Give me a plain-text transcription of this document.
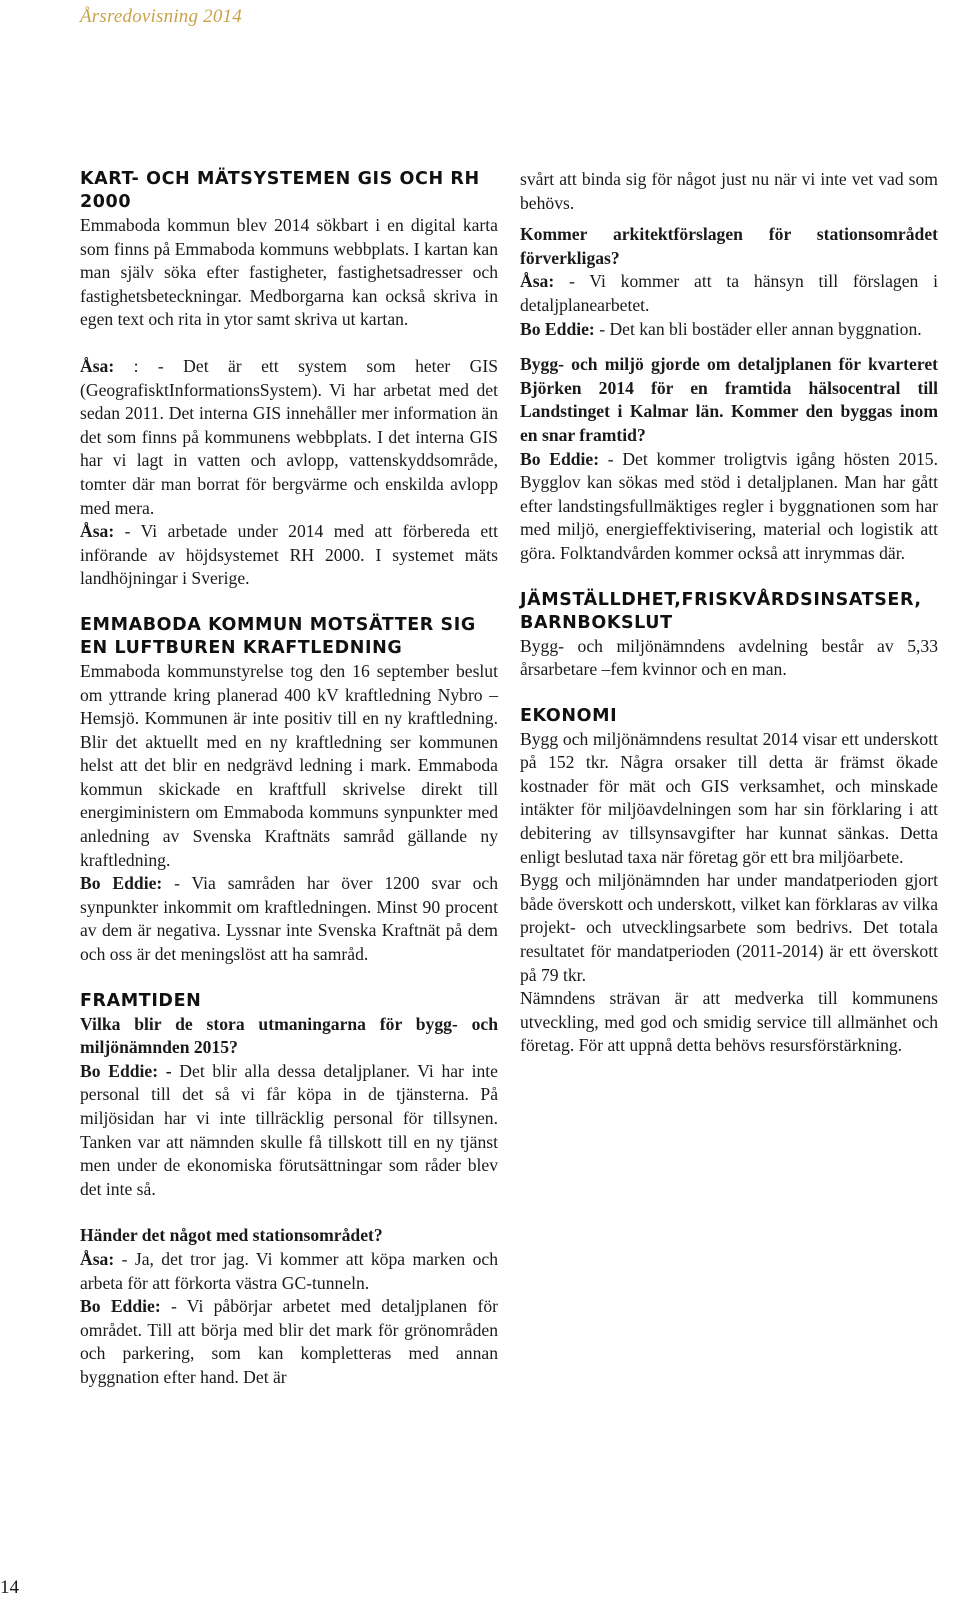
Årsredovisning 2014
KART- OCH MÄTSYSTEMEN GIS OCH RH 2000

Emmaboda kommun blev 2014 sökbart i en digital karta som finns på Emmaboda kommuns webbplats. I kartan kan man själv söka efter fastigheter, fastighetsadresser och fastighetsbeteckningar. Medborgarna kan också skriva in egen text och rita in ytor samt skriva ut kartan.

Åsa: : - Det är ett system som heter GIS (GeografisktInformationsSystem). Vi har arbetat med det sedan 2011. Det interna GIS innehåller mer information än det som finns på kommunens webbplats. I det interna GIS har vi lagt in vatten och avlopp, vattenskyddsområde, tomter där man borrat för bergvärme och enskilda avlopp med mera.

Åsa: - Vi arbetade under 2014 med att förbereda ett införande av höjdsystemet RH 2000. I systemet mäts landhöjningar i Sverige.

EMMABODA KOMMUN MOTSÄTTER SIG EN LUFTBUREN KRAFTLEDNING

Emmaboda kommunstyrelse tog den 16 september beslut om yttrande kring planerad 400 kV kraftledning Nybro – Hemsjö. Kommunen är inte positiv till en ny kraftledning. Blir det aktuellt med en ny kraftledning ser kommunen helst att det blir en nedgrävd ledning i mark. Emmaboda kommun skickade en kraftfull skrivelse direkt till energiministern om Emmaboda kommuns synpunkter med anledning av Svenska Kraftnäts samråd gällande ny kraftledning.

Bo Eddie: - Via samråden har över 1200 svar och synpunkter inkommit om kraftledningen. Minst 90 procent av dem är negativa. Lyssnar inte Svenska Kraftnät på dem och oss är det meningslöst att ha samråd.

FRAMTIDEN

Vilka blir de stora utmaningarna för bygg- och miljönämnden 2015?

Bo Eddie: - Det blir alla dessa detaljplaner. Vi har inte personal till det så vi får köpa in de tjänsterna. På miljösidan har vi inte tillräcklig personal för tillsynen. Tanken var att nämnden skulle få tillskott till en ny tjänst men under de ekonomiska förutsättningar som råder blev det inte så.

Händer det något med stationsområdet?

Åsa: - Ja, det tror jag. Vi kommer att köpa marken och arbeta för att förkorta västra GC-tunneln.

Bo Eddie: - Vi påbörjar arbetet med detaljplanen för området. Till att börja med blir det mark för grönområden och parkering, som kan kompletteras med annan byggnation efter hand. Det är

svårt att binda sig för något just nu när vi inte vet vad som behövs.

Kommer arkitektförslagen för stationsområdet förverkligas?

Åsa: - Vi kommer att ta hänsyn till förslagen i detaljplanearbetet.

Bo Eddie: - Det kan bli bostäder eller annan byggnation.

Bygg- och miljö gjorde om detaljplanen för kvarteret Björken 2014 för en framtida hälsocentral till Landstinget i Kalmar län. Kommer den byggas inom en snar framtid?

Bo Eddie: - Det kommer troligtvis igång hösten 2015. Bygglov kan sökas med stöd i detaljplanen. Man har gått efter landstingsfullmäktiges regler i byggnationen som har med miljö, energieffektivisering, material och logistik att göra. Folktandvården kommer också att inrymmas där.

JÄMSTÄLLDHET,FRISKVÅRDSINSATSER, BARNBOKSLUT

Bygg- och miljönämndens avdelning består av 5,33 årsarbetare –fem kvinnor och en man.

EKONOMI

Bygg och miljönämndens resultat 2014 visar ett underskott på 152 tkr. Några orsaker till detta är främst ökade kostnader för mät och GIS verksamhet, och minskade intäkter för miljöavdelningen som har sin förklaring i att debitering av tillsynsavgifter har kunnat sänkas. Detta enligt beslutad taxa när företag gör ett bra miljöarbete.

Bygg och miljönämnden har under mandatperioden gjort både överskott och underskott, vilket kan förklaras av vilka projekt- och utvecklingsarbete som bedrivs. Det totala resultatet för mandatperioden (2011-2014) är ett överskott på 79 tkr.

Nämndens strävan är att medverka till kommunens utveckling, med god och smidig service till allmänhet och företag. För att uppnå detta behövs resursförstärkning.

14
